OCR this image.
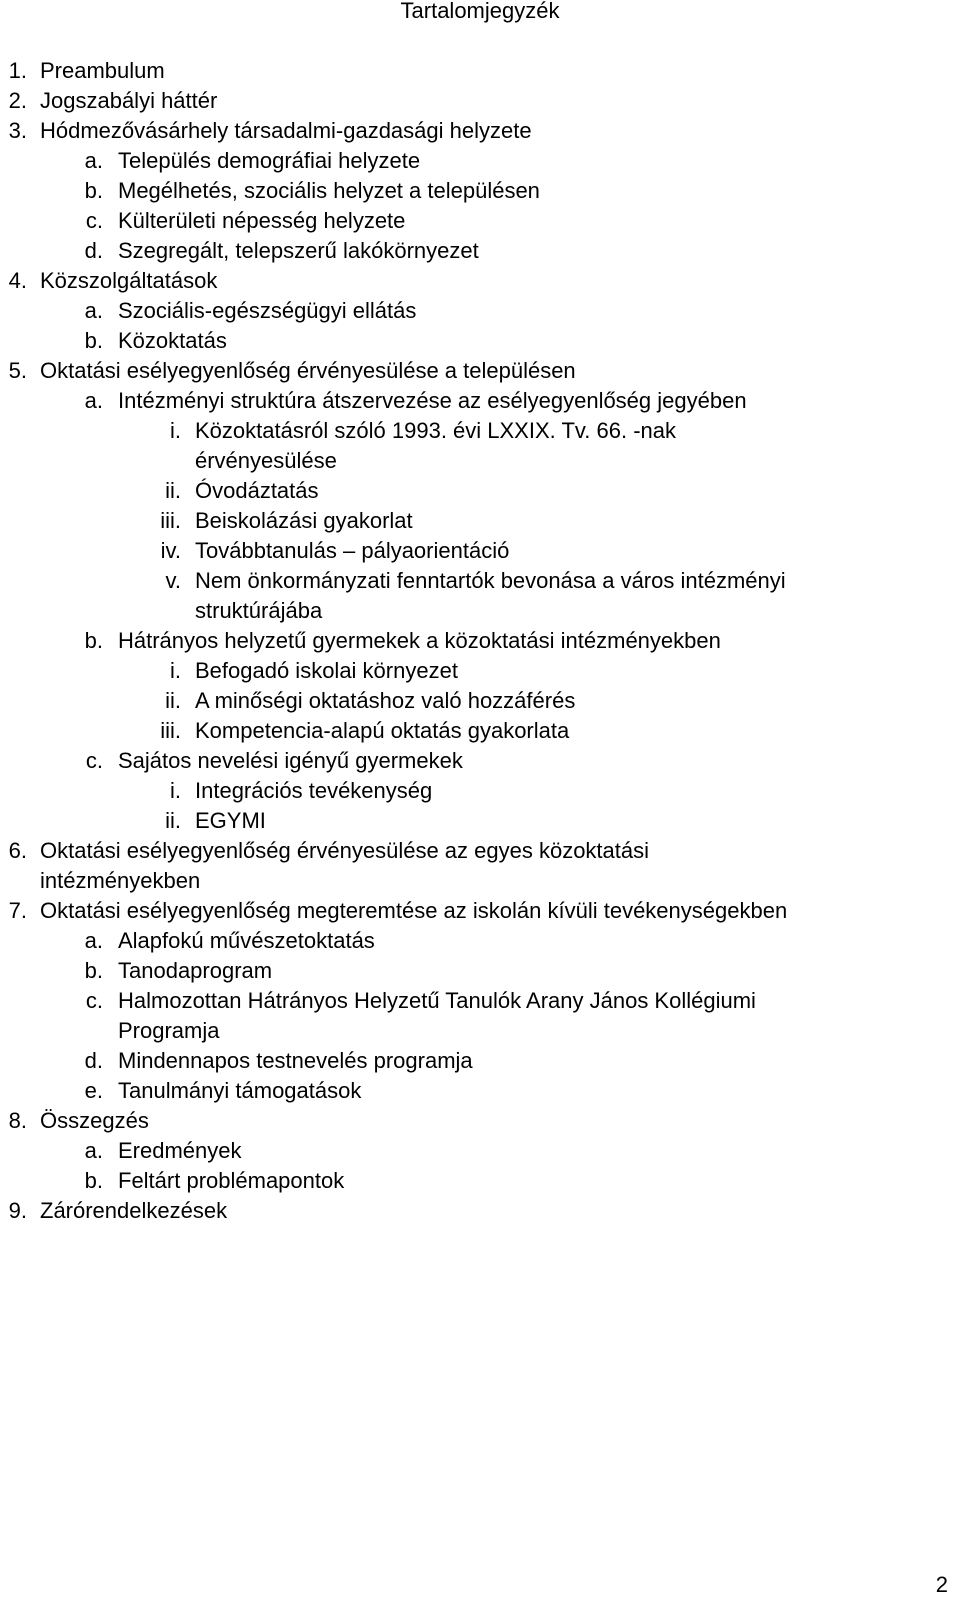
Tartalomjegyzék
1. Preambulum
2. Jogszabályi háttér
3. Hódmezővásárhely társadalmi-gazdasági helyzete
a. Település demográfiai helyzete
b. Megélhetés, szociális helyzet a településen
c. Külterületi népesség helyzete
d. Szegregált, telepszerű lakókörnyezet
4. Közszolgáltatások
a. Szociális-egészségügyi ellátás
b. Közoktatás
5. Oktatási esélyegyenlőség érvényesülése a településen
a. Intézményi struktúra átszervezése az esélyegyenlőség jegyében
i. Közoktatásról szóló 1993. évi LXXIX. Tv. 66. -nak
érvényesülése
ii. Óvodáztatás
iii. Beiskolázási gyakorlat
iv. Továbbtanulás – pályaorientáció
v. Nem önkormányzati fenntartók bevonása a város intézményi
struktúrájába
b. Hátrányos helyzetű gyermekek a közoktatási intézményekben
i. Befogadó iskolai környezet
ii. A minőségi oktatáshoz való hozzáférés
iii. Kompetencia-alapú oktatás gyakorlata
c. Sajátos nevelési igényű gyermekek
i. Integrációs tevékenység
ii. EGYMI
6. Oktatási esélyegyenlőség érvényesülése az egyes közoktatási
intézményekben
7. Oktatási esélyegyenlőség megteremtése az iskolán kívüli tevékenységekben
a. Alapfokú művészetoktatás
b. Tanodaprogram
c. Halmozottan Hátrányos Helyzetű Tanulók Arany János Kollégiumi
Programja
d. Mindennapos testnevelés programja
e. Tanulmányi támogatások
8. Összegzés
a. Eredmények
b. Feltárt problémapontok
9. Zárórendelkezések
2
